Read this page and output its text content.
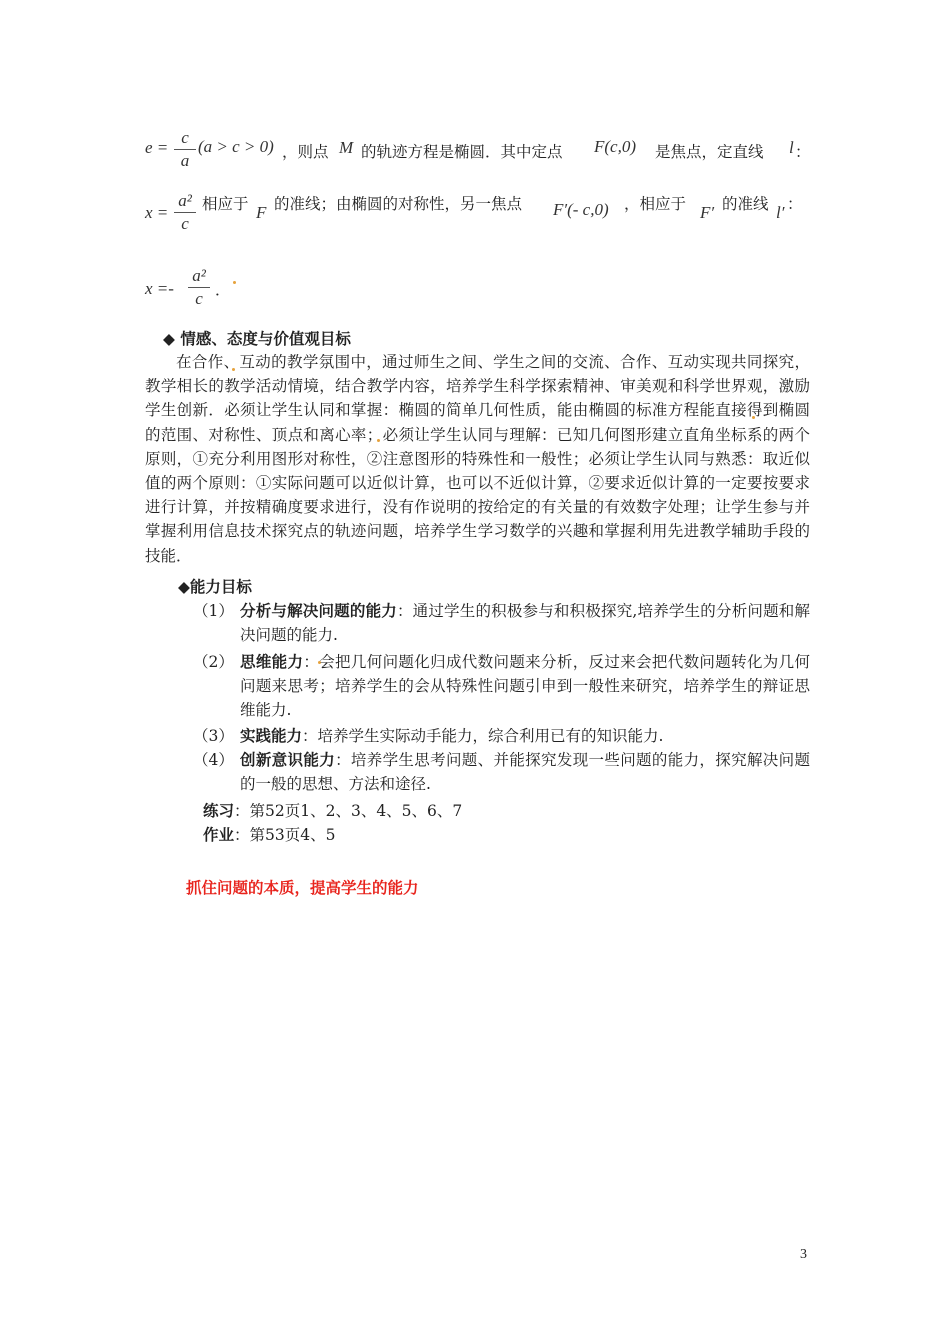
e =
c
a
(a > c > 0) ，则点 M 的轨迹方程是椭圆．其中定点 F(c,0) 是焦点，定直线 l ：
x =
a²
c
相应于 F 的准线；由椭圆的对称性，另一焦点 F′(- c,0) ，相应于 F′ 的准线 l′ ：
x =-
a²
c ．
◆ 情感、态度与价值观目标

在合作、互动的教学氛围中，通过师生之间、学生之间的交流、合作、互动实现共同探究，教学相长的教学活动情境，结合教学内容，培养学生科学探索精神、审美观和科学世界观，激励学生创新．必须让学生认同和掌握：椭圆的简单几何性质，能由椭圆的标准方程能直接得到椭圆的范围、对称性、顶点和离心率；必须让学生认同与理解：已知几何图形建立直角坐标系的两个原则，①充分利用图形对称性，②注意图形的特殊性和一般性；必须让学生认同与熟悉：取近似值的两个原则：①实际问题可以近似计算，也可以不近似计算，②要求近似计算的一定要按要求进行计算，并按精确度要求进行，没有作说明的按给定的有关量的有效数字处理；让学生参与并掌握利用信息技术探究点的轨迹问题，培养学生学习数学的兴趣和掌握利用先进教学辅助手段的技能．

◆能力目标
（1） 分析与解决问题的能力：通过学生的积极参与和积极探究,培养学生的分析问题和解决问题的能力.
（2） 思维能力：会把几何问题化归成代数问题来分析，反过来会把代数问题转化为几何问题来思考；培养学生的会从特殊性问题引申到一般性来研究，培养学生的辩证思维能力.
（3） 实践能力：培养学生实际动手能力，综合利用已有的知识能力.
（4） 创新意识能力：培养学生思考问题、并能探究发现一些问题的能力，探究解决问题的一般的思想、方法和途径.
练习：第52页1、2、3、4、5、6、7
作业：第53页4、5
抓住问题的本质，提高学生的能力
3
